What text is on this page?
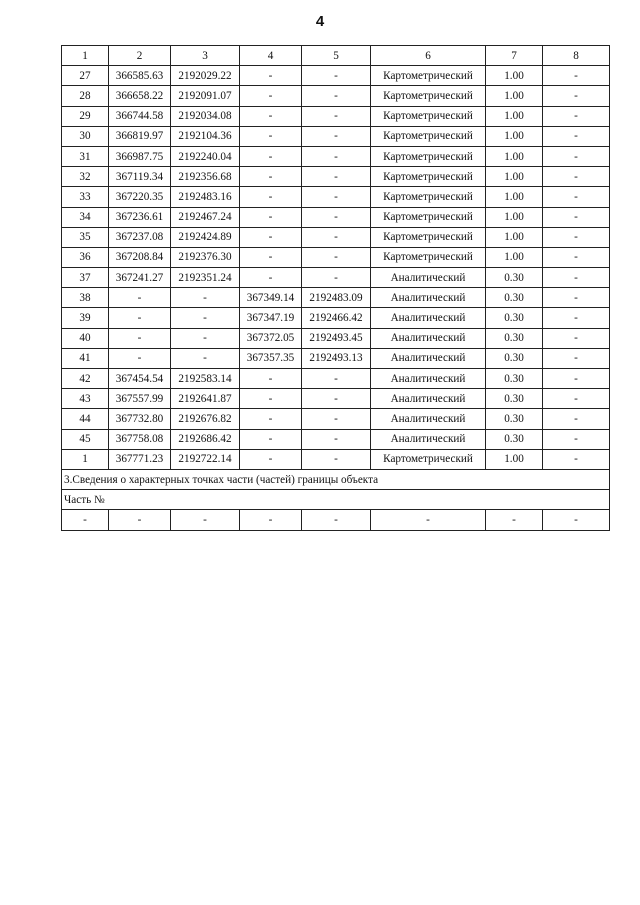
4
1	2	3	4	5	6	7	8
27	366585.63	2192029.22	-	-	Картометрический	1.00	-
28	366658.22	2192091.07	-	-	Картометрический	1.00	-
29	366744.58	2192034.08	-	-	Картометрический	1.00	-
30	366819.97	2192104.36	-	-	Картометрический	1.00	-
31	366987.75	2192240.04	-	-	Картометрический	1.00	-
32	367119.34	2192356.68	-	-	Картометрический	1.00	-
33	367220.35	2192483.16	-	-	Картометрический	1.00	-
34	367236.61	2192467.24	-	-	Картометрический	1.00	-
35	367237.08	2192424.89	-	-	Картометрический	1.00	-
36	367208.84	2192376.30	-	-	Картометрический	1.00	-
37	367241.27	2192351.24	-	-	Аналитический	0.30	-
38	-	-	367349.14	2192483.09	Аналитический	0.30	-
39	-	-	367347.19	2192466.42	Аналитический	0.30	-
40	-	-	367372.05	2192493.45	Аналитический	0.30	-
41	-	-	367357.35	2192493.13	Аналитический	0.30	-
42	367454.54	2192583.14	-	-	Аналитический	0.30	-
43	367557.99	2192641.87	-	-	Аналитический	0.30	-
44	367732.80	2192676.82	-	-	Аналитический	0.30	-
45	367758.08	2192686.42	-	-	Аналитический	0.30	-
1	367771.23	2192722.14	-	-	Картометрический	1.00	-
3.Сведения о характерных точках части (частей) границы объекта							
Часть №							
-	-	-	-	-	-	-	-
